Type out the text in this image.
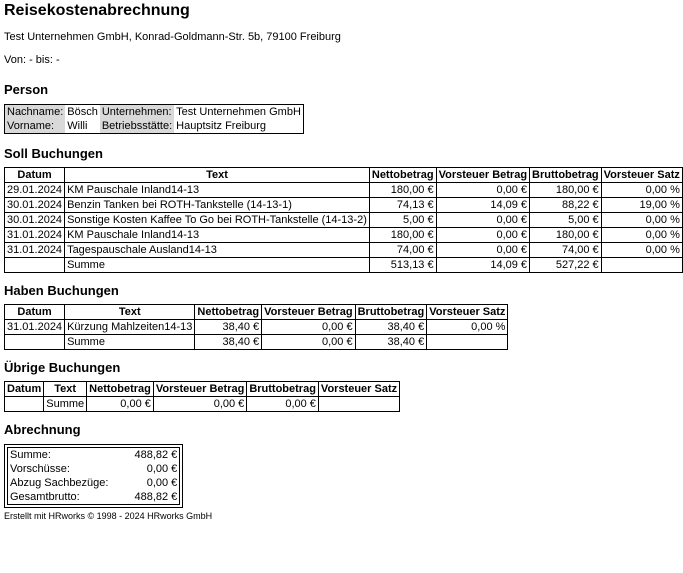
Reisekostenabrechnung
Test Unternehmen GmbH, Konrad-Goldmann-Str. 5b, 79100 Freiburg
Von: - bis: -
Person
Nachname:	Bösch	Unternehmen:	Test Unternehmen GmbH
Vorname:	Willi	Betriebsstätte:	Hauptsitz Freiburg
Soll Buchungen
Datum	Text	Nettobetrag	Vorsteuer Betrag	Bruttobetrag	Vorsteuer Satz
29.01.2024	KM Pauschale Inland14-13	180,00 €	0,00 €	180,00 €	0,00 %
30.01.2024	Benzin Tanken bei ROTH-Tankstelle (14-13-1)	74,13 €	14,09 €	88,22 €	19,00 %
30.01.2024	Sonstige Kosten Kaffee To Go bei ROTH-Tankstelle (14-13-2)	5,00 €	0,00 €	5,00 €	0,00 %
31.01.2024	KM Pauschale Inland14-13	180,00 €	0,00 €	180,00 €	0,00 %
31.01.2024	Tagespauschale Ausland14-13	74,00 €	0,00 €	74,00 €	0,00 %
	Summe	513,13 €	14,09 €	527,22 €	
Haben Buchungen
Datum	Text	Nettobetrag	Vorsteuer Betrag	Bruttobetrag	Vorsteuer Satz
31.01.2024	Kürzung Mahlzeiten14-13	38,40 €	0,00 €	38,40 €	0,00 %
	Summe	38,40 €	0,00 €	38,40 €	
Übrige Buchungen
Datum	Text	Nettobetrag	Vorsteuer Betrag	Bruttobetrag	Vorsteuer Satz
	Summe	0,00 €	0,00 €	0,00 €	
Abrechnung
Summe:	488,82 €
Vorschüsse:	0,00 €
Abzug Sachbezüge:	0,00 €
Gesamtbrutto:	488,82 €
Erstellt mit HRworks © 1998 - 2024 HRworks GmbH
